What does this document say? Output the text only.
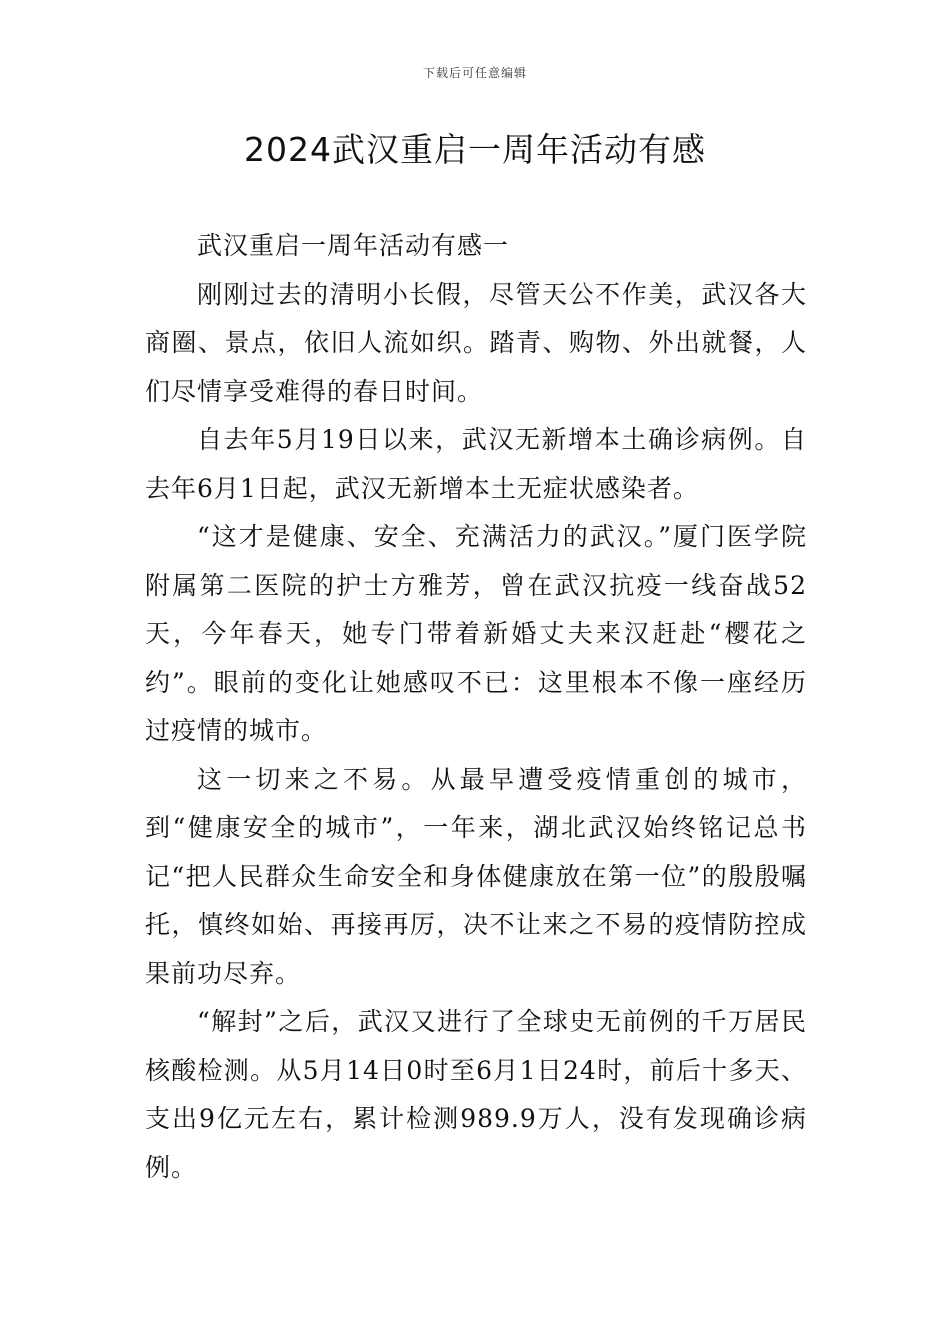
下载后可任意编辑
2024武汉重启一周年活动有感

武汉重启一周年活动有感一

刚刚过去的清明小长假，尽管天公不作美，武汉各大商圈、景点，依旧人流如织。踏青、购物、外出就餐，人们尽情享受难得的春日时间。

自去年5月19日以来，武汉无新增本土确诊病例。自去年6月1日起，武汉无新增本土无症状感染者。

“这才是健康、安全、充满活力的武汉。”厦门医学院附属第二医院的护士方雅芳，曾在武汉抗疫一线奋战52天，今年春天，她专门带着新婚丈夫来汉赶赴“樱花之约”。眼前的变化让她感叹不已：这里根本不像一座经历过疫情的城市。

这一切来之不易。从最早遭受疫情重创的城市，到“健康安全的城市”，一年来，湖北武汉始终铭记总书记“把人民群众生命安全和身体健康放在第一位”的殷殷嘱托，慎终如始、再接再厉，决不让来之不易的疫情防控成果前功尽弃。

“解封”之后，武汉又进行了全球史无前例的千万居民核酸检测。从5月14日0时至6月1日24时，前后十多天、支出9亿元左右，累计检测989.9万人，没有发现确诊病例。
